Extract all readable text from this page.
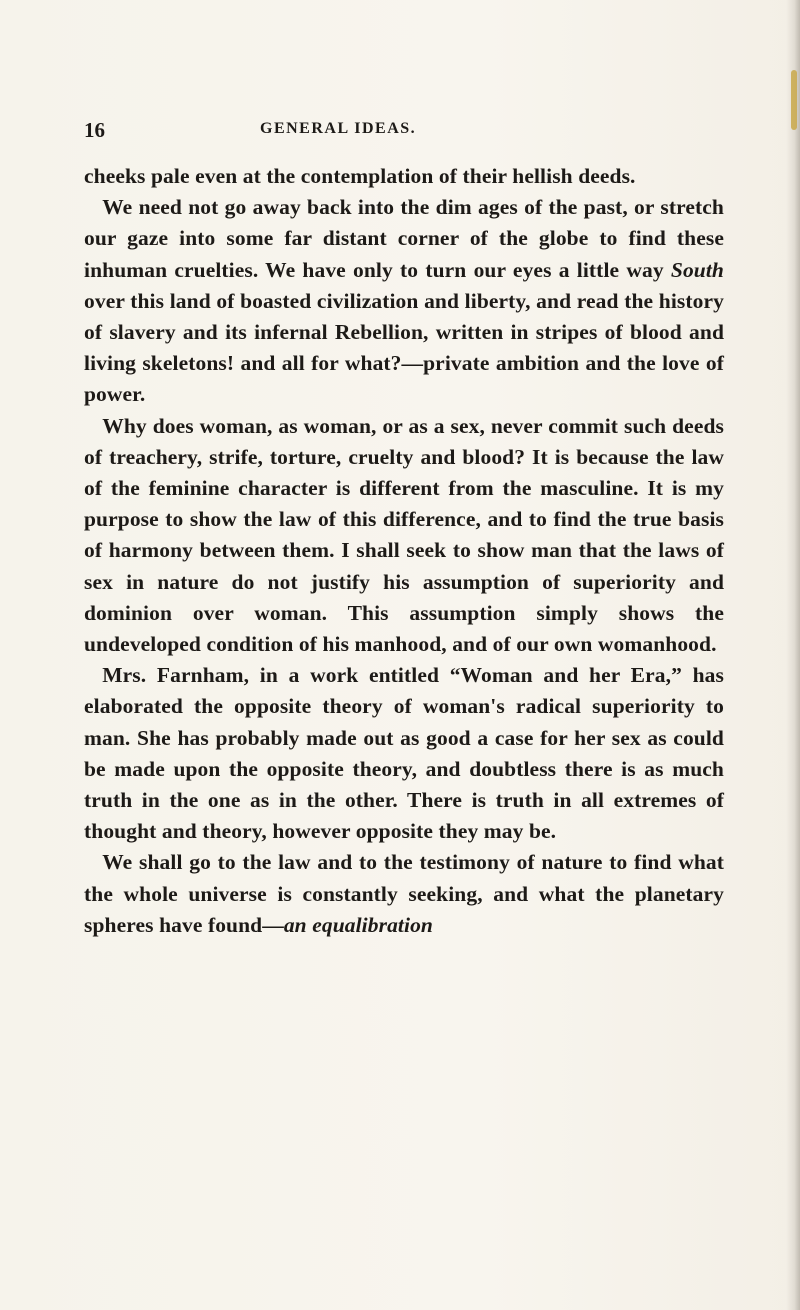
16	GENERAL IDEAS.

cheeks pale even at the contemplation of their hellish deeds.

We need not go away back into the dim ages of the past, or stretch our gaze into some far distant corner of the globe to find these inhuman cruelties. We have only to turn our eyes a little way South over this land of boasted civilization and liberty, and read the history of slavery and its infernal Rebellion, written in stripes of blood and living skeletons! and all for what?—private ambition and the love of power.

Why does woman, as woman, or as a sex, never commit such deeds of treachery, strife, torture, cruelty and blood? It is because the law of the feminine character is different from the masculine. It is my purpose to show the law of this difference, and to find the true basis of harmony between them. I shall seek to show man that the laws of sex in nature do not justify his assumption of superiority and dominion over woman. This assumption simply shows the undeveloped condition of his manhood, and of our own womanhood.

Mrs. Farnham, in a work entitled “Woman and her Era,” has elaborated the opposite theory of woman's radical superiority to man. She has probably made out as good a case for her sex as could be made upon the opposite theory, and doubtless there is as much truth in the one as in the other. There is truth in all extremes of thought and theory, however opposite they may be.

We shall go to the law and to the testimony of nature to find what the whole universe is constantly seeking, and what the planetary spheres have found—an equalibration
